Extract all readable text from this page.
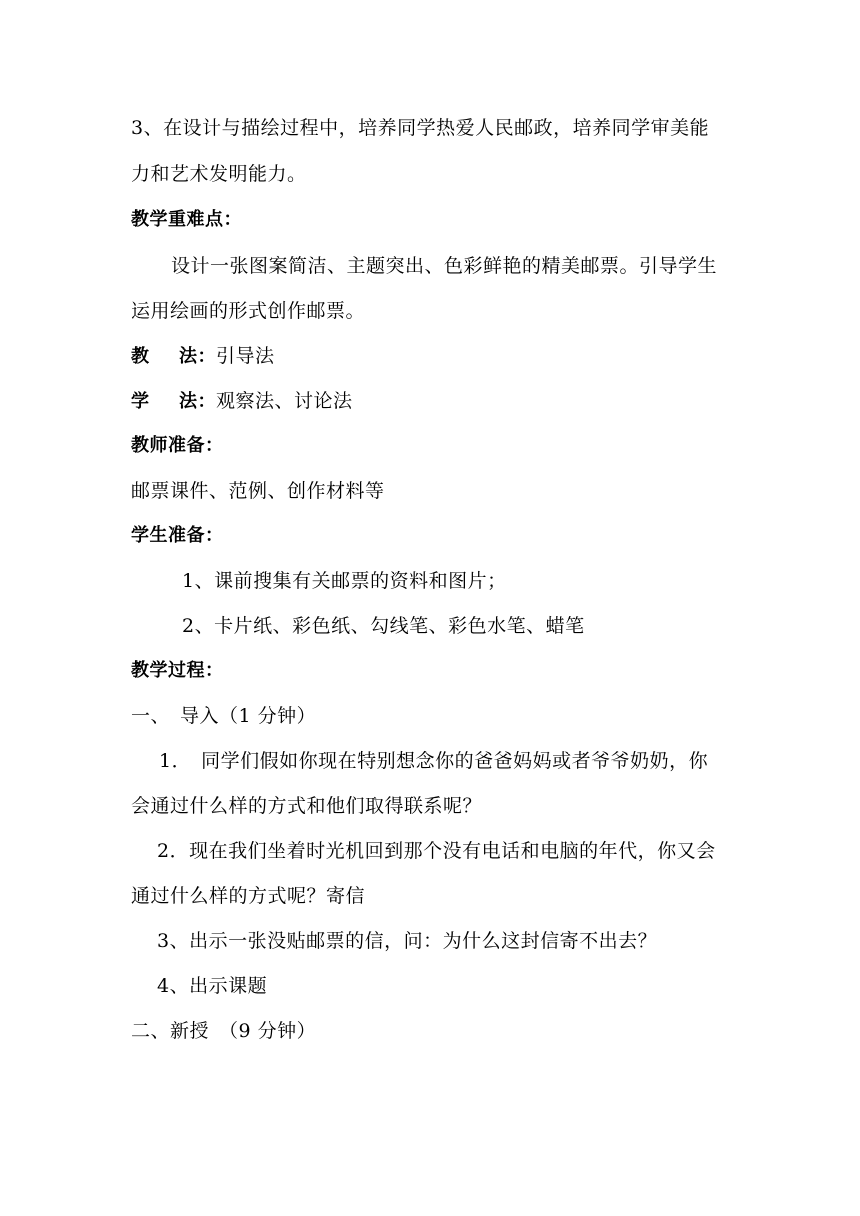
3、在设计与描绘过程中，培养同学热爱人民邮政，培养同学审美能
力和艺术发明能力。
教学重难点：
设计一张图案简洁、主题突出、色彩鲜艳的精美邮票。引导学生
运用绘画的形式创作邮票。
教 法：引导法
学 法：观察法、讨论法
教师准备：
邮票课件、范例、创作材料等
学生准备：
1、课前搜集有关邮票的资料和图片；
2、卡片纸、彩色纸、勾线笔、彩色水笔、蜡笔
教学过程：
一、　导入（1 分钟）
1．　同学们假如你现在特别想念你的爸爸妈妈或者爷爷奶奶，你
会通过什么样的方式和他们取得联系呢？
2．现在我们坐着时光机回到那个没有电话和电脑的年代，你又会
通过什么样的方式呢？寄信
3、出示一张没贴邮票的信，问：为什么这封信寄不出去？
4、出示课题
二、新授　（9 分钟）
